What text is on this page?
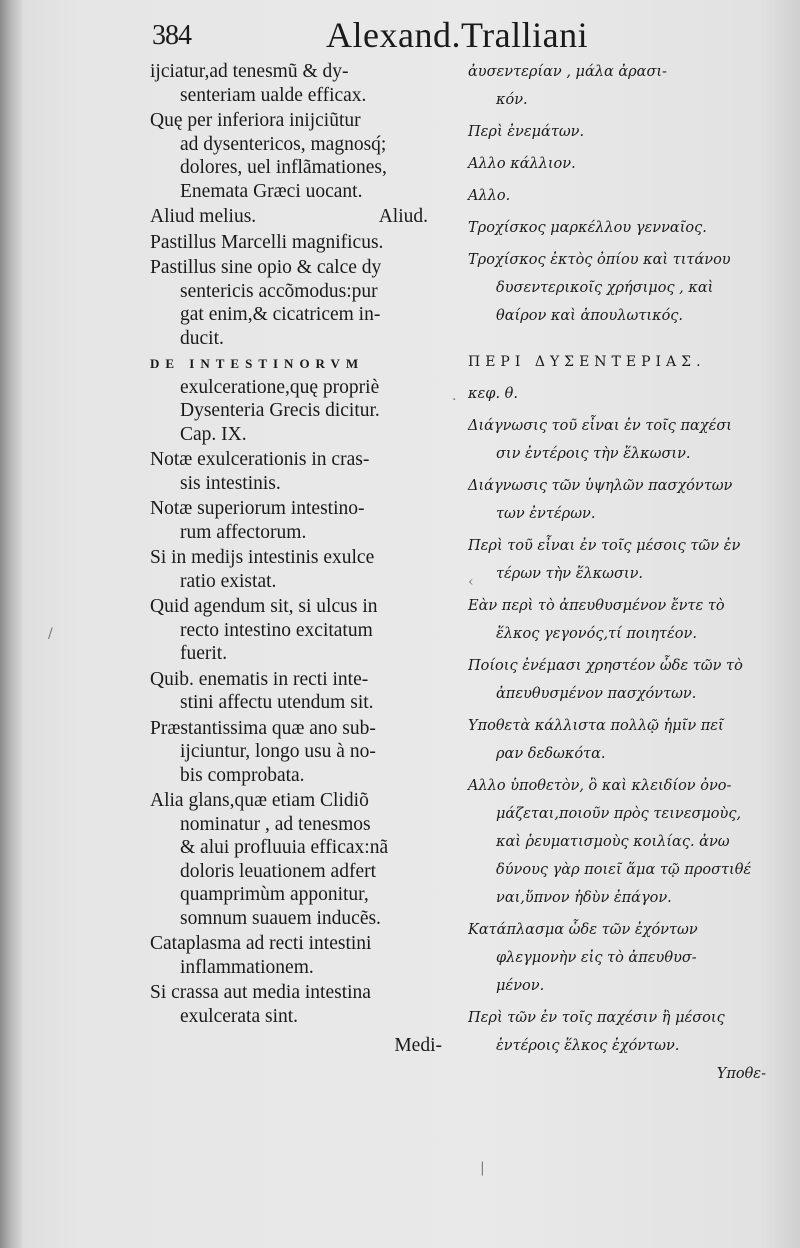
384	Alexand.Tralliani
ijciatur,ad tenesmũ & dy-
senteriam ualde efficax.
Quę per inferiora inijciũtur
ad dysentericos, magnosq́;
dolores, uel inflãmationes,
Enemata Græci uocant.
Aliud melius.	Aliud.
Pastillus Marcelli magnificus.
Pastillus sine opio & calce dy
sentericis accõmodus:pur
gat enim,& cicatricem in-
ducit.
DE INTESTINORVM
exulceratione,quę propriè
Dysenteria Grecis dicitur.
Cap. IX.
Notæ exulcerationis in cras-
sis intestinis.
Notæ superiorum intestino-
rum affectorum.
Si in medijs intestinis exulce
ratio existat.
Quid agendum sit, si ulcus in
recto intestino excitatum
fuerit.
Quib. enematis in recti inte-
stini affectu utendum sit.
Præstantissima quæ ano sub-
ijciuntur, longo usu à no-
bis comprobata.
Alia glans,quæ etiam Clidiõ
nominatur , ad tenesmos
& alui profluuia efficax:nã
doloris leuationem adfert
quamprimùm apponitur,
somnum suauem inducẽs.
Cataplasma ad recti intestini
inflammationem.
Si crassa aut media intestina
exulcerata sint.
Medi-
ἀυσεντερίαν , μάλα ἀρασι-
κόν.
Περὶ ἐνεμάτων.
Αλλο κάλλιον.
Αλλο.
Τροχίσκος μαρκέλλου γενναῖος.
Τροχίσκος ἐκτὸς ὀπίου καὶ τιτάνου
δυσεντερικοῖς χρήσιμος , καὶ
θαίρον καὶ ἀπουλωτικός.
ΠΕΡΙ ΔΥΣΕΝΤΕΡΙΑΣ.
κεφ. θ.
Διάγνωσις τοῦ εἶναι ἐν τοῖς παχέσι
σιν ἐντέροις τὴν ἕλκωσιν.
Διάγνωσις τῶν ὑψηλῶν πασχόντων
των ἐντέρων.
Περὶ τοῦ εἶναι ἐν τοῖς μέσοις τῶν ἐν
τέρων τὴν ἕλκωσιν.
Εὰν περὶ τὸ ἀπευθυσμένον ἔντε τὸ
ἕλκος γεγονός,τί ποιητέον.
Ποίοις ἐνέμασι χρηστέον ὧδε τῶν τὸ
ἀπευθυσμένον πασχόντων.
Υποθετὰ κάλλιστα πολλῷ ἡμῖν πεῖ
ραν δεδωκότα.
Αλλο ὑποθετὸν, ὃ καὶ κλειδίον ὀνο-
μάζεται,ποιοῦν πρὸς τεινεσμοὺς,
καὶ ῥευματισμοὺς κοιλίας. ἀνω
δύνους γὰρ ποιεῖ ἅμα τῷ προστιθέ
ναι,ὕπνον ἡδὺν ἐπάγον.
Κατάπλασμα ὧδε τῶν ἐχόντων
φλεγμονὴν εἰς τὸ ἀπευθυσ-
μένον.
Περὶ τῶν ἐν τοῖς παχέσιν ἢ μέσοις
ἐντέροις ἕλκος ἐχόντων.
Υποθε-
/
·
‹
|
